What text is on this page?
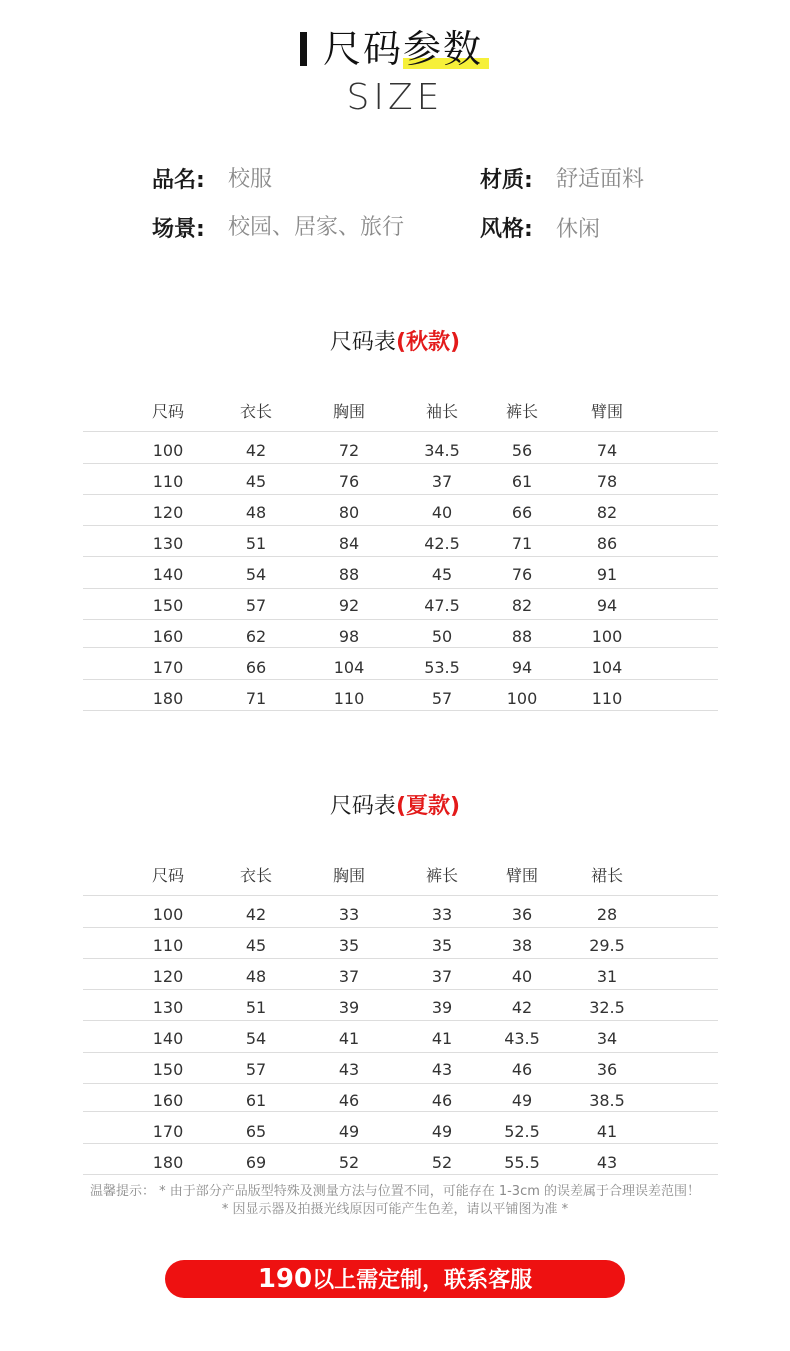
尺码参数
SIZE
品名: 校服	材质: 舒适面料
场景: 校园、居家、旅行	风格: 休闲
尺码表(秋款)
尺码	衣长	胸围	袖长	裤长	臂围
100	42	72	34.5	56	74
110	45	76	37	61	78
120	48	80	40	66	82
130	51	84	42.5	71	86
140	54	88	45	76	91
150	57	92	47.5	82	94
160	62	98	50	88	100
170	66	104	53.5	94	104
180	71	110	57	100	110
尺码表(夏款)
尺码	衣长	胸围	裤长	臂围	裙长
100	42	33	33	36	28
110	45	35	35	38	29.5
120	48	37	37	40	31
130	51	39	39	42	32.5
140	54	41	41	43.5	34
150	57	43	43	46	36
160	61	46	46	49	38.5
170	65	49	49	52.5	41
180	69	52	52	55.5	43
温馨提示： * 由于部分产品版型特殊及测量方法与位置不同，可能存在 1-3cm 的误差属于合理误差范围！
* 因显示器及拍摄光线原因可能产生色差，请以平铺图为准 *
190以上需定制，联系客服
